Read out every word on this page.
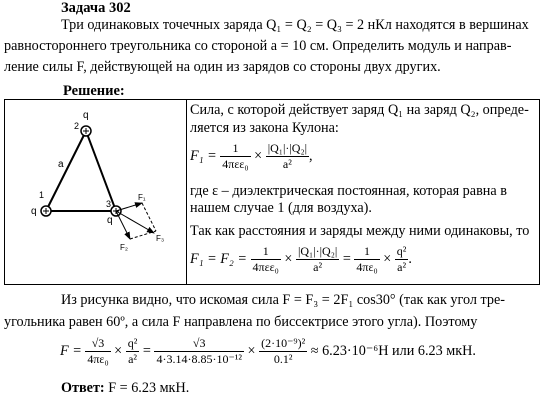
Задача 302
Три одинаковых точечных заряда Q₁ = Q₂ = Q₃ = 2 нКл находятся в вершинах
равностороннего треугольника со стороной a = 10 см. Определить модуль и направ-
ление силы F, действующей на один из зарядов со стороны двух других.
Решение:
2
q
1
q
3
q
a
F₁
F₂
F₃
Сила, с которой действует заряд Q₁ на заряд Q₂, опреде-
ляется из закона Кулона:
$F_1 = \frac{1}{\text{4πεε₀}} \times \frac{\text{|Q₁|·|Q₂|}}{\text{a²}}$ ,
где ε – диэлектрическая постоянная, которая равна в
нашем случае 1 (для воздуха).
Так как расстояния и заряды между ними одинаковы, то
$F_1 = F_2 = \frac{1}{\text{4πεε₀}} \times \frac{\text{|Q₁|·|Q₂|}}{\text{a²}} = \frac{1}{\text{4πε₀}} \times \frac{\text{q²}}{\text{a²}}$ .
Из рисунка видно, что искомая сила F = F₃ = 2F₁ cos30° (так как угол тре-
угольника равен 60º, а сила F направлена по биссектрисе этого угла). Поэтому
$F = \frac{√3}{\text{4πε₀}} \times \frac{\text{q²}}{\text{a²}} = \frac{√3}{\text{4·3.14·8.85·10⁻¹²}} \times \frac{\text{(2·10⁻⁹)²}}{\text{0.1²}} \approx 6.23\cdot 10^{-6}H$ или 6.23 мкН.
Ответ: F = 6.23 мкН.
